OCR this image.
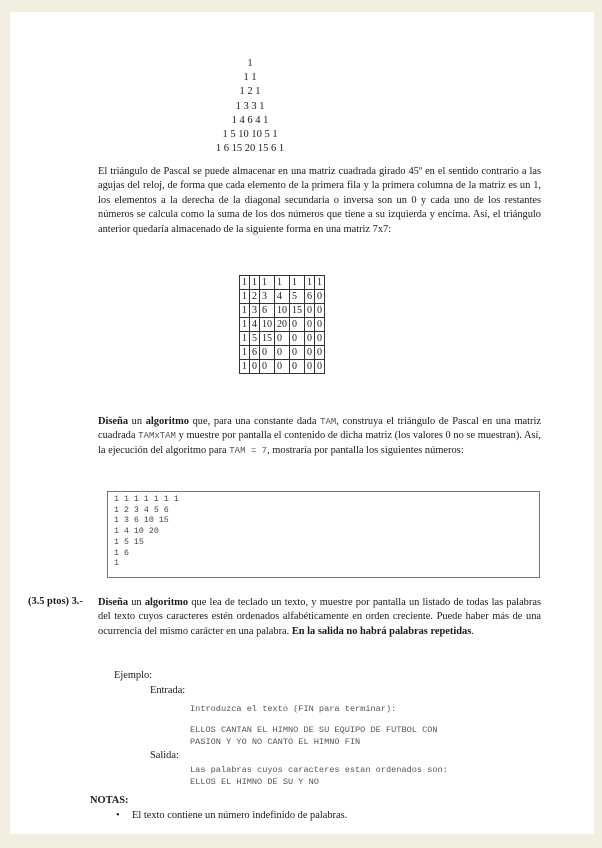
1
1 1
1 2 1
1 3 3 1
1 4 6 4 1
1 5 10 10 5 1
1 6 15 20 15 6 1
El triángulo de Pascal se puede almacenar en una matriz cuadrada girado 45º en el sentido contrario a las agujas del reloj, de forma que cada elemento de la primera fila y la primera columna de la matriz es un 1, los elementos a la derecha de la diagonal secundaria o inversa son un 0 y cada uno de los restantes números se calcula como la suma de los dos números que tiene a su izquierda y encima. Así, el triángulo anterior quedaría almacenado de la siguiente forma en una matriz 7x7:
1	1	1	1	1	1	1
1	2	3	4	5	6	0
1	3	6	10	15	0	0
1	4	10	20	0	0	0
1	5	15	0	0	0	0
1	6	0	0	0	0	0
1	0	0	0	0	0	0
Diseña un algoritmo que, para una constante dada TAM, construya el triángulo de Pascal en una matriz cuadrada TAMxTAM y muestre por pantalla el contenido de dicha matriz (los valores 0 no se muestran). Así, la ejecución del algoritmo para TAM = 7, mostraría por pantalla los siguientes números:
1 1 1 1 1 1 1
1 2 3 4 5 6
1 3 6 10 15
1 4 10 20
1 5 15
1 6
1
(3.5 ptos) 3.- Diseña un algoritmo que lea de teclado un texto, y muestre por pantalla un listado de todas las palabras del texto cuyos caracteres estén ordenados alfabéticamente en orden creciente. Puede haber más de una ocurrencia del mismo carácter en una palabra. En la salida no habrá palabras repetidas.
Ejemplo:
Entrada:
Introduzca el texto (FIN para terminar):
ELLOS CANTAN EL HIMNO DE SU EQUIPO DE FUTBOL CON
PASION Y YO NO CANTO EL HIMNO FIN
Salida:
Las palabras cuyos caracteres estan ordenados son:
ELLOS EL HIMNO DE SU Y NO
NOTAS:
• El texto contiene un número indefinido de palabras.
